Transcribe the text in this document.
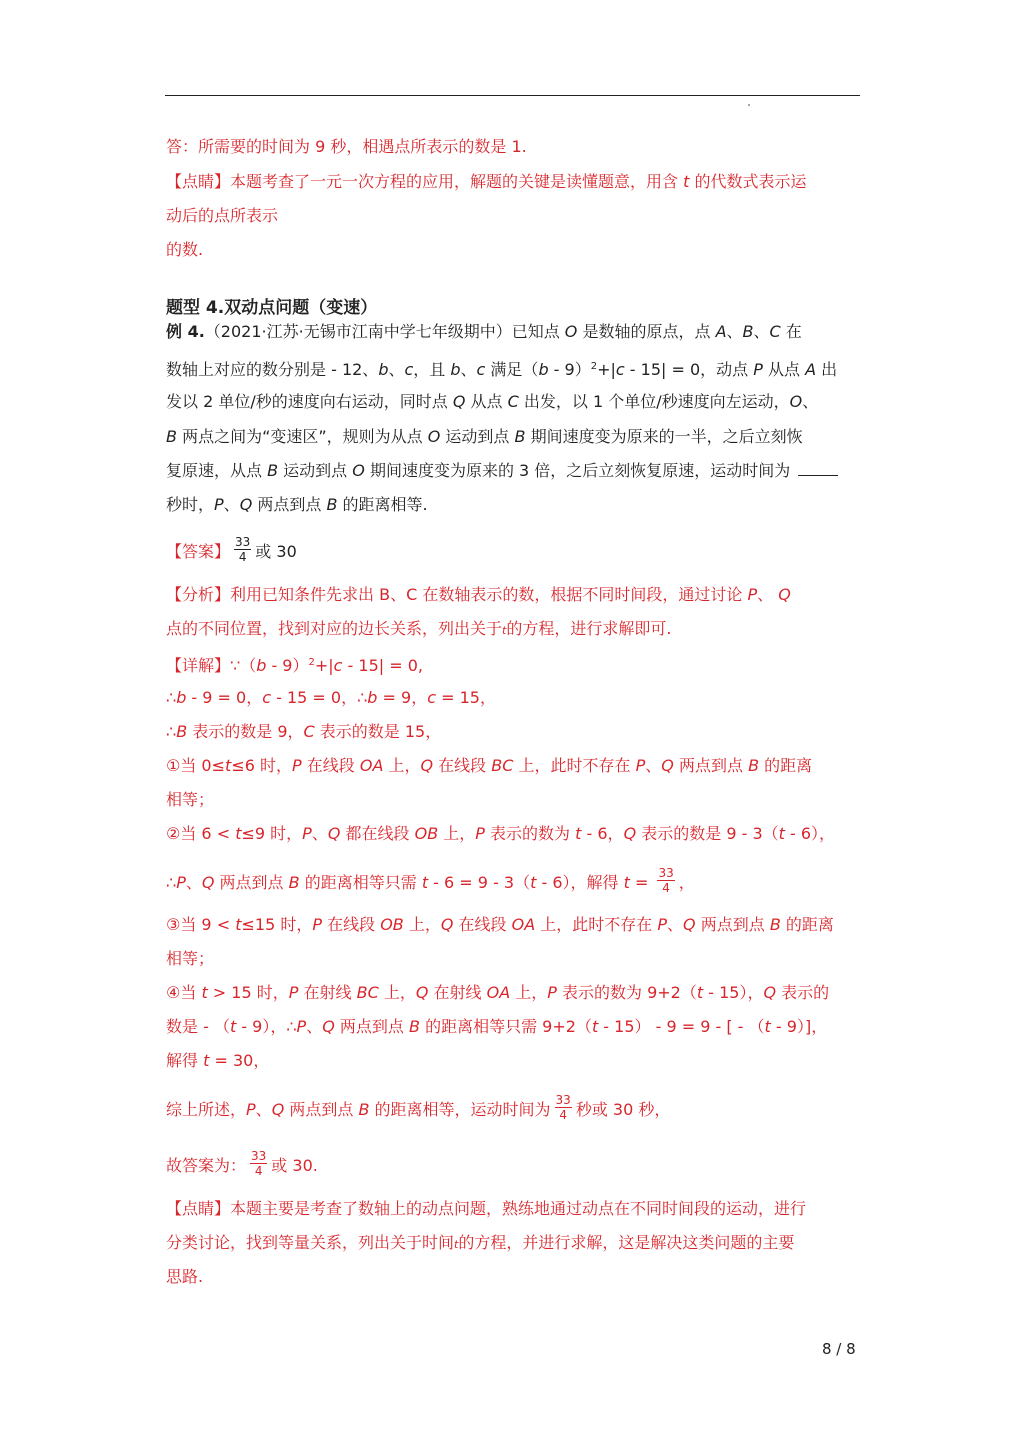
答：所需要的时间为 9 秒，相遇点所表示的数是 1.
【点睛】本题考查了一元一次方程的应用，解题的关键是读懂题意，用含 t 的代数式表示运
动后的点所表示
的数.
题型 4.双动点问题（变速）
例 4.（2021·江苏·无锡市江南中学七年级期中）已知点 O 是数轴的原点，点 A、B、C 在
数轴上对应的数分别是 - 12、b、c，且 b、c 满足（b - 9）$^2$+|c - 15| = 0，动点 P 从点 A 出
发以 2 单位/秒的速度向右运动，同时点 Q 从点 C 出发，以 1 个单位/秒速度向左运动，O、
B 两点之间为“变速区”，规则为从点 O 运动到点 B 期间速度变为原来的一半，之后立刻恢
复原速，从点 B 运动到点 O 期间速度变为原来的 3 倍，之后立刻恢复原速，运动时间为
秒时，P、Q 两点到点 B 的距离相等.
【答案】 $\frac{33}{4}$ 或 30
【分析】利用已知条件先求出 B、C 在数轴表示的数，根据不同时间段，通过讨论 P、 Q
点的不同位置，找到对应的边长关系，列出关于t的方程，进行求解即可.
【详解】∵（b - 9）$^2$+|c - 15| = 0,
∴b - 9 = 0，c - 15 = 0，∴b = 9，c = 15，
∴B 表示的数是 9，C 表示的数是 15，
①当 0≤t≤6 时，P 在线段 OA 上，Q 在线段 BC 上，此时不存在 P、Q 两点到点 B 的距离
相等；
②当 6 < t≤9 时，P、Q 都在线段 OB 上，P 表示的数为 t - 6，Q 表示的数是 9 - 3（t - 6），
∴P、Q 两点到点 B 的距离相等只需 t - 6 = 9 - 3（t - 6），解得 $t = \frac{33}{4}$ ，
③当 9 < t≤15 时，P 在线段 OB 上，Q 在线段 OA 上，此时不存在 P、Q 两点到点 B 的距离
相等；
④当 t > 15 时，P 在射线 BC 上，Q 在射线 OA 上，P 表示的数为 9+2（t - 15），Q 表示的
数是 - （t - 9），∴P、Q 两点到点 B 的距离相等只需 9+2（t - 15） - 9 = 9 - [ - （t - 9）]，
解得 t = 30，
综上所述，P、Q 两点到点 B 的距离相等，运动时间为 $\frac{33}{4}$ 秒或 30 秒，
故答案为： $\frac{33}{4}$ 或 30.
【点睛】本题主要是考查了数轴上的动点问题，熟练地通过动点在不同时间段的运动，进行
分类讨论，找到等量关系，列出关于时间t的方程，并进行求解，这是解决这类问题的主要
思路.
8 / 8
